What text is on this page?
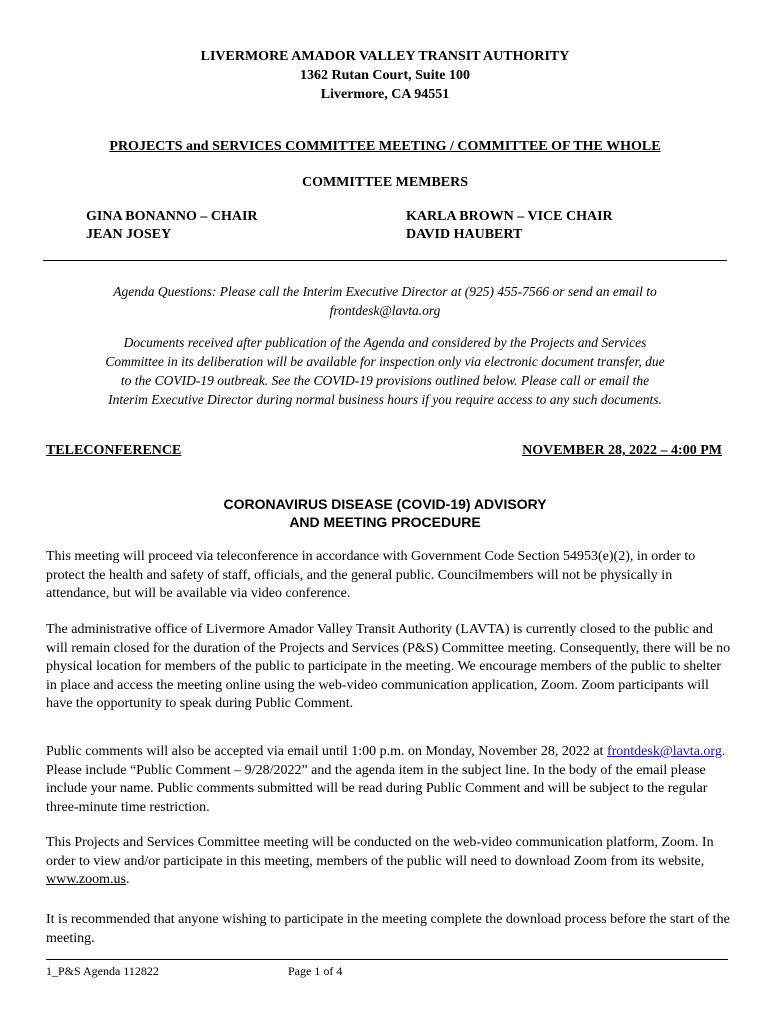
LIVERMORE AMADOR VALLEY TRANSIT AUTHORITY
1362 Rutan Court, Suite 100
Livermore, CA 94551
PROJECTS and SERVICES COMMITTEE MEETING / COMMITTEE OF THE WHOLE
COMMITTEE MEMBERS
GINA BONANNO – CHAIR
JEAN JOSEY
KARLA BROWN – VICE CHAIR
DAVID HAUBERT
Agenda Questions: Please call the Interim Executive Director at (925) 455-7566 or send an email to
frontdesk@lavta.org
Documents received after publication of the Agenda and considered by the Projects and Services
Committee in its deliberation will be available for inspection only via electronic document transfer, due
to the COVID-19 outbreak. See the COVID-19 provisions outlined below. Please call or email the
Interim Executive Director during normal business hours if you require access to any such documents.
TELECONFERENCE	NOVEMBER 28, 2022 – 4:00 PM
CORONAVIRUS DISEASE (COVID-19) ADVISORY
AND MEETING PROCEDURE
This meeting will proceed via teleconference in accordance with Government Code Section 54953(e)(2), in order to protect the health and safety of staff, officials, and the general public. Councilmembers will not be physically in attendance, but will be available via video conference.
The administrative office of Livermore Amador Valley Transit Authority (LAVTA) is currently closed to the public and will remain closed for the duration of the Projects and Services (P&S) Committee meeting. Consequently, there will be no physical location for members of the public to participate in the meeting. We encourage members of the public to shelter in place and access the meeting online using the web-video communication application, Zoom. Zoom participants will have the opportunity to speak during Public Comment.
Public comments will also be accepted via email until 1:00 p.m. on Monday, November 28, 2022 at frontdesk@lavta.org. Please include “Public Comment – 9/28/2022” and the agenda item in the subject line. In the body of the email please include your name. Public comments submitted will be read during Public Comment and will be subject to the regular three-minute time restriction.
This Projects and Services Committee meeting will be conducted on the web-video communication platform, Zoom. In order to view and/or participate in this meeting, members of the public will need to download Zoom from its website, www.zoom.us.
It is recommended that anyone wishing to participate in the meeting complete the download process before the start of the meeting.
1_P&S Agenda 112822	Page 1 of 4
